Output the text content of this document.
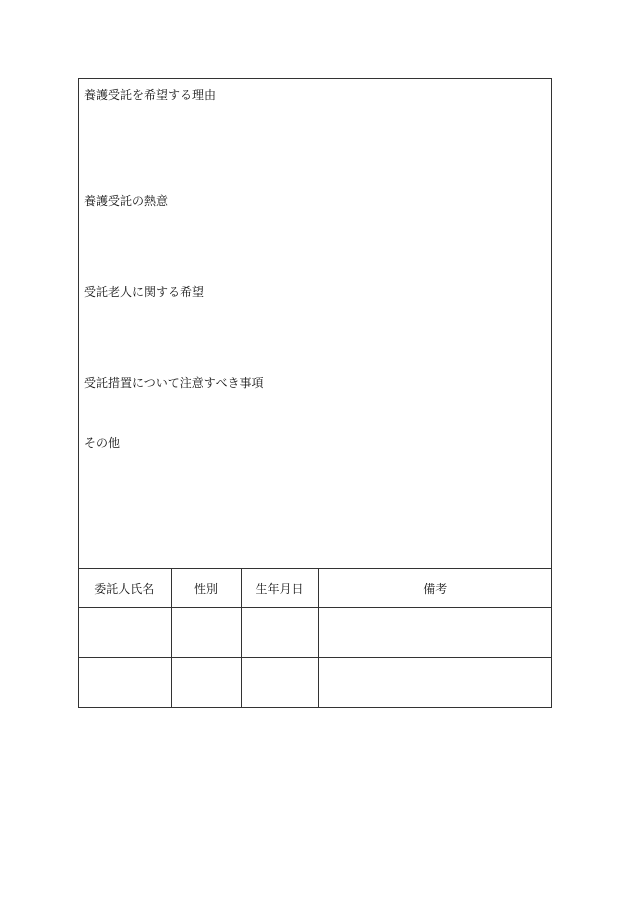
養護受託を希望する理由
養護受託の熱意
受託老人に関する希望
受託措置について注意すべき事項
その他
委託人氏名	性別	生年月日	備考
